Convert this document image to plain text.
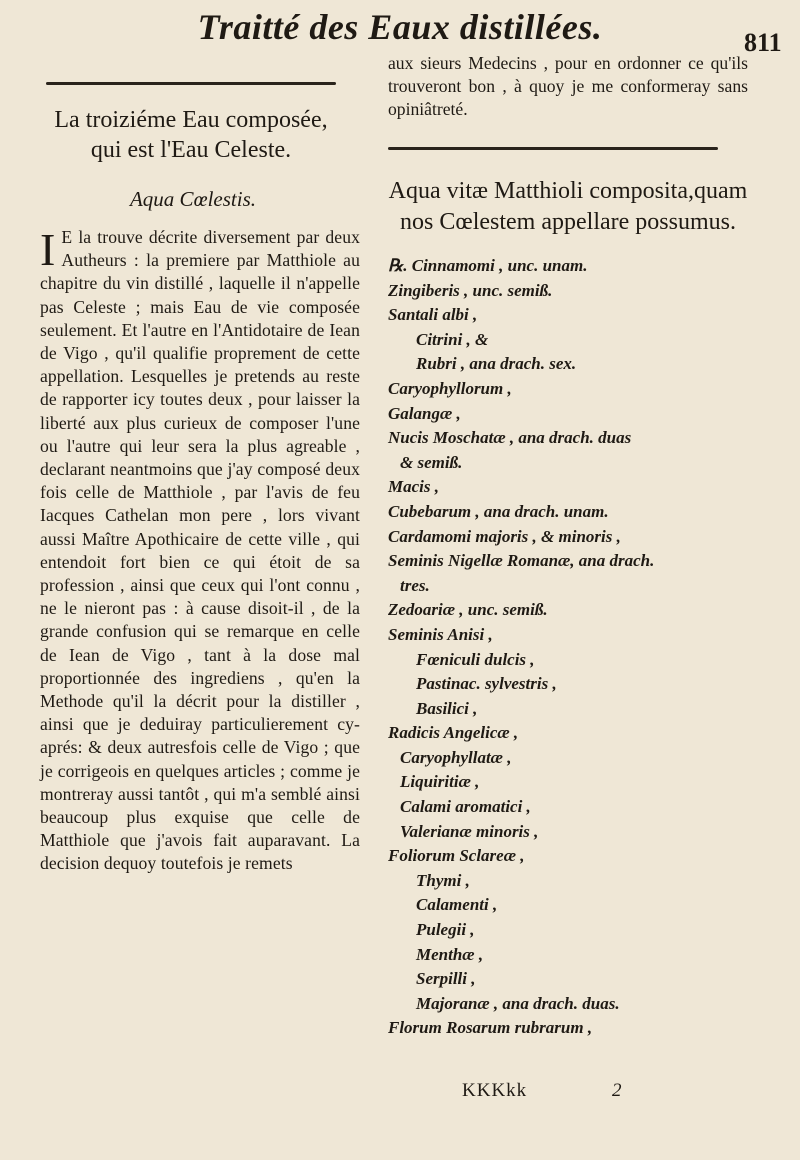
Traitté des Eaux distillées.	811
La troiziéme Eau composée, qui est l'Eau Celeste.
Aqua Cœlestis.
I E la trouve décrite diversement par deux Autheurs : la premiere par Matthiole au chapitre du vin distillé , laquelle il n'appelle pas Celeste ; mais Eau de vie composée seulement. Et l'autre en l'Antidotaire de Iean de Vigo , qu'il qualifie proprement de cette appellation. Lesquelles je pretends au reste de rapporter icy toutes deux , pour laisser la liberté aux plus curieux de composer l'une ou l'autre qui leur sera la plus agreable , declarant neantmoins que j'ay composé deux fois celle de Matthiole , par l'avis de feu Iacques Cathelan mon pere , lors vivant aussi Maître Apothicaire de cette ville , qui entendoit fort bien ce qui étoit de sa profession , ainsi que ceux qui l'ont connu , ne le nieront pas : à cause disoit-il , de la grande confusion qui se remarque en celle de Iean de Vigo , tant à la dose mal proportionnée des ingrediens , qu'en la Methode qu'il la décrit pour la distiller , ainsi que je deduiray particulierement cy-aprés: & deux autresfois celle de Vigo ; que je corrigeois en quelques articles ; comme je montreray aussi tantôt , qui m'a semblé ainsi beaucoup plus exquise que celle de Matthiole que j'avois fait auparavant. La decision dequoy toutefois je remets
aux sieurs Medecins , pour en ordonner ce qu'ils trouveront bon , à quoy je me conformeray sans opiniâtreté.
Aqua vitæ Matthioli composita,quam nos Cœlestem appellare possumus.
℞. Cinnamomi , unc. unam.
Zingiberis , unc. semiß.
Santali albi ,
Citrini , &
Rubri , ana drach. sex.
Caryophyllorum ,
Galangæ ,
Nucis Moschatæ , ana drach. duas
& semiß.
Macis ,
Cubebarum , ana drach. unam.
Cardamomi majoris , & minoris ,
Seminis Nigellæ Romanæ, ana drach.
tres.
Zedoariæ , unc. semiß.
Seminis Anisi ,
Fœniculi dulcis ,
Pastinac. sylvestris ,
Basilici ,
Radicis Angelicæ ,
Caryophyllatæ ,
Liquiritiæ ,
Calami aromatici ,
Valerianæ minoris ,
Foliorum Sclareæ ,
Thymi ,
Calamenti ,
Pulegii ,
Menthæ ,
Serpilli ,
Majoranæ , ana drach. duas.
Florum Rosarum rubrarum ,
KKKkk	2
